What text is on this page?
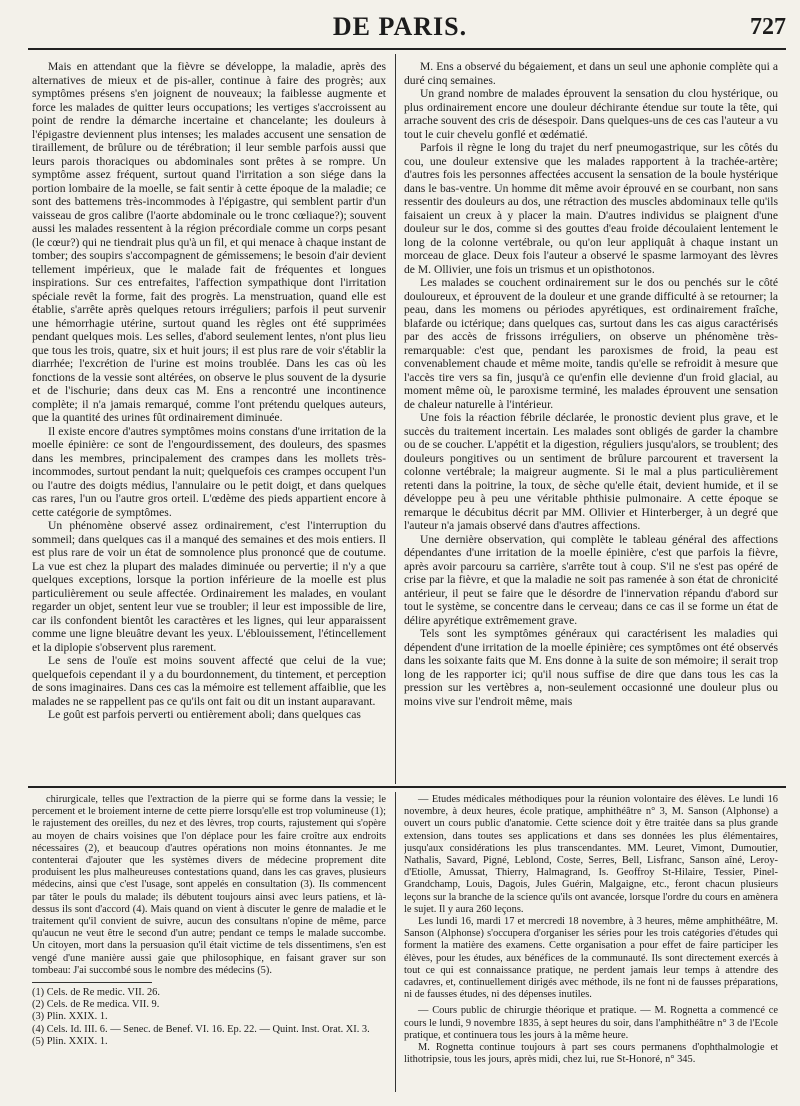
DE PARIS.	727

Mais en attendant que la fièvre se développe, la maladie, après des alternatives de mieux et de pis-aller, continue à faire des progrès; aux symptômes présens s'en joignent de nouveaux; la faiblesse augmente et force les malades de quitter leurs occupations; les vertiges s'accroissent au point de rendre la démarche incertaine et chancelante; les douleurs à l'épigastre deviennent plus intenses; les malades accusent une sensation de tiraillement, de brûlure ou de térébration; il leur semble parfois aussi que leurs parois thoraciques ou abdominales sont prêtes à se rompre. Un symptôme assez fréquent, surtout quand l'irritation a son siége dans la portion lombaire de la moelle, se fait sentir à cette époque de la maladie; ce sont des battemens très-incommodes à l'épigastre, qui semblent partir d'un vaisseau de gros calibre (l'aorte abdominale ou le tronc cœliaque?); souvent aussi les malades ressentent à la région précordiale comme un corps pesant (le cœur?) qui ne tiendrait plus qu'à un fil, et qui menace à chaque instant de tomber; des soupirs s'accompagnent de gémissemens; le besoin d'air devient tellement impérieux, que le malade fait de fréquentes et longues inspirations. Sur ces entrefaites, l'affection sympathique dont l'irritation spéciale revêt la forme, fait des progrès. La menstruation, quand elle est établie, s'arrête après quelques retours irréguliers; parfois il peut survenir une hémorrhagie utérine, surtout quand les règles ont été supprimées pendant quelques mois. Les selles, d'abord seulement lentes, n'ont plus lieu que tous les trois, quatre, six et huit jours; il est plus rare de voir s'établir la diarrhée; l'excrétion de l'urine est moins troublée. Dans les cas où les fonctions de la vessie sont altérées, on observe le plus souvent de la dysurie et de l'ischurie; dans deux cas M. Ens a rencontré une incontinence complète; il n'a jamais remarqué, comme l'ont prétendu quelques auteurs, que la quantité des urines fût ordinairement diminuée.

Il existe encore d'autres symptômes moins constans d'une irritation de la moelle épinière: ce sont de l'engourdissement, des douleurs, des spasmes dans les membres, principalement des crampes dans les mollets très-incommodes, surtout pendant la nuit; quelquefois ces crampes occupent l'un ou l'autre des doigts médius, l'annulaire ou le petit doigt, et dans quelques cas rares, l'un ou l'autre gros orteil. L'œdème des pieds appartient encore à cette catégorie de symptômes.

Un phénomène observé assez ordinairement, c'est l'interruption du sommeil; dans quelques cas il a manqué des semaines et des mois entiers. Il est plus rare de voir un état de somnolence plus prononcé que de coutume. La vue est chez la plupart des malades diminuée ou pervertie; il n'y a que quelques exceptions, lorsque la portion inférieure de la moelle est plus particulièrement ou seule affectée. Ordinairement les malades, en voulant regarder un objet, sentent leur vue se troubler; il leur est impossible de lire, car ils confondent bientôt les caractères et les lignes, qui leur apparaissent comme une ligne bleuâtre devant les yeux. L'éblouissement, l'étincellement et la diplopie s'observent plus rarement.

Le sens de l'ouïe est moins souvent affecté que celui de la vue; quelquefois cependant il y a du bourdonnement, du tintement, et perception de sons imaginaires. Dans ces cas la mémoire est tellement affaiblie, que les malades ne se rappellent pas ce qu'ils ont fait ou dit un instant auparavant.

Le goût est parfois perverti ou entièrement aboli; dans quelques cas

M. Ens a observé du bégaiement, et dans un seul une aphonie complète qui a duré cinq semaines.

Un grand nombre de malades éprouvent la sensation du clou hystérique, ou plus ordinairement encore une douleur déchirante étendue sur toute la tête, qui arrache souvent des cris de désespoir. Dans quelques-uns de ces cas l'auteur a vu tout le cuir chevelu gonflé et œdématié.

Parfois il règne le long du trajet du nerf pneumogastrique, sur les côtés du cou, une douleur extensive que les malades rapportent à la trachée-artère; d'autres fois les personnes affectées accusent la sensation de la boule hystérique dans le bas-ventre. Un homme dit même avoir éprouvé en se courbant, non sans ressentir des douleurs au dos, une rétraction des muscles abdominaux telle qu'ils faisaient un creux à y placer la main. D'autres individus se plaignent d'une douleur sur le dos, comme si des gouttes d'eau froide découlaient lentement le long de la colonne vertébrale, ou qu'on leur appliquât à chaque instant un morceau de glace. Deux fois l'auteur a observé le spasme larmoyant des lèvres de M. Ollivier, une fois un trismus et un opisthotonos.

Les malades se couchent ordinairement sur le dos ou penchés sur le côté douloureux, et éprouvent de la douleur et une grande difficulté à se retourner; la peau, dans les momens ou périodes apyrétiques, est ordinairement fraîche, blafarde ou ictérique; dans quelques cas, surtout dans les cas aigus caractérisés par des accès de frissons irréguliers, on observe un phénomène très-remarquable: c'est que, pendant les paroxismes de froid, la peau est convenablement chaude et même moite, tandis qu'elle se refroidit à mesure que l'accès tire vers sa fin, jusqu'à ce qu'enfin elle devienne d'un froid glacial, au moment même où, le paroxisme terminé, les malades éprouvent une sensation de chaleur naturelle à l'intérieur.

Une fois la réaction fébrile déclarée, le pronostic devient plus grave, et le succès du traitement incertain. Les malades sont obligés de garder la chambre ou de se coucher. L'appétit et la digestion, réguliers jusqu'alors, se troublent; des douleurs pongitives ou un sentiment de brûlure parcourent et traversent la colonne vertébrale; la maigreur augmente. Si le mal a plus particulièrement retenti dans la poitrine, la toux, de sèche qu'elle était, devient humide, et il se développe peu à peu une véritable phthisie pulmonaire. A cette époque se remarque le décubitus décrit par MM. Ollivier et Hinterberger, à un degré que l'auteur n'a jamais observé dans d'autres affections.

Une dernière observation, qui complète le tableau général des affections dépendantes d'une irritation de la moelle épinière, c'est que parfois la fièvre, après avoir parcouru sa carrière, s'arrête tout à coup. S'il ne s'est pas opéré de crise par la fièvre, et que la maladie ne soit pas ramenée à son état de chronicité antérieur, il peut se faire que le désordre de l'innervation répandu d'abord sur tout le système, se concentre dans le cerveau; dans ce cas il se forme un état de délire apyrétique extrêmement grave.

Tels sont les symptômes généraux qui caractérisent les maladies qui dépendent d'une irritation de la moelle épinière; ces symptômes ont été observés dans les soixante faits que M. Ens donne à la suite de son mémoire; il serait trop long de les rapporter ici; qu'il nous suffise de dire que dans tous les cas la pression sur les vertèbres a, non-seulement occasionné une douleur plus ou moins vive sur l'endroit même, mais

chirurgicale, telles que l'extraction de la pierre qui se forme dans la vessie; le percement et le broiement interne de cette pierre lorsqu'elle est trop volumineuse (1); le rajustement des oreilles, du nez et des lèvres, trop courts, rajustement qui s'opère au moyen de chairs voisines que l'on déplace pour les faire croître aux endroits nécessaires (2), et beaucoup d'autres opérations non moins étonnantes. Je me contenterai d'ajouter que les systèmes divers de médecine proprement dite produisent les plus malheureuses contestations quand, dans les cas graves, plusieurs médecins, ainsi que c'est l'usage, sont appelés en consultation (3). Ils commencent par tâter le pouls du malade; ils débutent toujours ainsi avec leurs patiens, et là-dessus ils sont d'accord (4). Mais quand on vient à discuter le genre de maladie et le traitement qu'il convient de suivre, aucun des consultans n'opine de même, parce qu'aucun ne veut être le second d'un autre; pendant ce temps le malade succombe. Un citoyen, mort dans la persuasion qu'il était victime de tels dissentimens, s'en est vengé d'une manière aussi gaie que philosophique, en faisant graver sur son tombeau: J'ai succombé sous le nombre des médecins (5).

(1) Cels. de Re medic. VII. 26.

(2) Cels. de Re medica. VII. 9.

(3) Plin. XXIX. 1.

(4) Cels. Id. III. 6. — Senec. de Benef. VI. 16. Ep. 22. — Quint. Inst. Orat. XI. 3.

(5) Plin. XXIX. 1.

— Etudes médicales méthodiques pour la réunion volontaire des élèves. Le lundi 16 novembre, à deux heures, école pratique, amphithéâtre n° 3, M. Sanson (Alphonse) a ouvert un cours public d'anatomie. Cette science doit y être traitée dans sa plus grande extension, dans toutes ses applications et dans ses données les plus élémentaires, jusqu'aux considérations les plus transcendantes. MM. Leuret, Vimont, Dumoutier, Nathalis, Savard, Pigné, Leblond, Coste, Serres, Bell, Lisfranc, Sanson aîné, Leroy-d'Etiolle, Amussat, Thierry, Halmagrand, Is. Geoffroy St-Hilaire, Tessier, Pinel-Grandchamp, Louis, Dagois, Jules Guérin, Malgaigne, etc., feront chacun plusieurs leçons sur la branche de la science qu'ils ont avancée, lorsque l'ordre du cours en amènera le sujet. Il y aura 260 leçons.

Les lundi 16, mardi 17 et mercredi 18 novembre, à 3 heures, même amphithéâtre, M. Sanson (Alphonse) s'occupera d'organiser les séries pour les trois catégories d'études qui forment la matière des examens. Cette organisation a pour effet de faire participer les élèves, pour les études, aux bénéfices de la communauté. Ils sont directement exercés à tout ce qui est connaissance pratique, ne perdent jamais leur temps à attendre des cadavres, et, continuellement dirigés avec méthode, ils ne font ni de fausses préparations, ni de fausses études, ni des dépenses inutiles.

— Cours public de chirurgie théorique et pratique. — M. Rognetta a commencé ce cours le lundi, 9 novembre 1835, à sept heures du soir, dans l'amphithéâtre n° 3 de l'Ecole pratique, et continuera tous les jours à la même heure.

M. Rognetta continue toujours à part ses cours permanens d'ophthalmologie et lithotripsie, tous les jours, après midi, chez lui, rue St-Honoré, n° 345.
